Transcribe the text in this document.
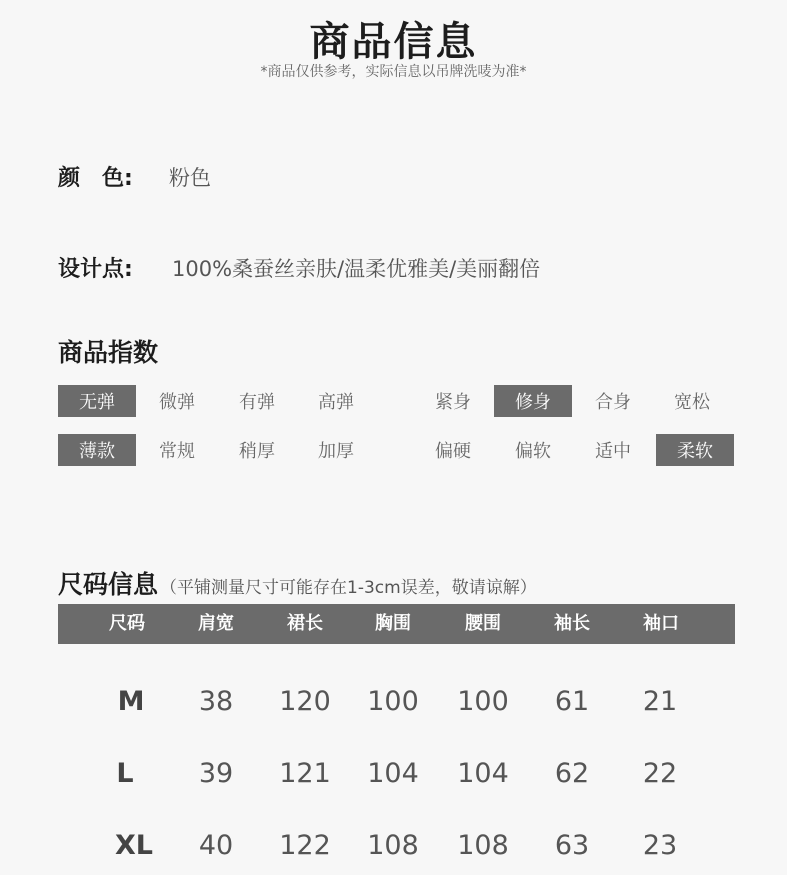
商品信息
*商品仅供参考，实际信息以吊牌洗唛为准*
颜　色:	粉色
设计点:	100%桑蚕丝亲肤/温柔优雅美/美丽翻倍
商品指数
无弹	微弹	有弹	高弹	紧身	修身	合身	宽松
薄款	常规	稍厚	加厚	偏硬	偏软	适中	柔软
尺码信息 （平铺测量尺寸可能存在1-3cm误差，敬请谅解）
尺码	肩宽	裙长	胸围	腰围	袖长	袖口
M	38	120	100	100	61	21
L	39	121	104	104	62	22
XL	40	122	108	108	63	23
